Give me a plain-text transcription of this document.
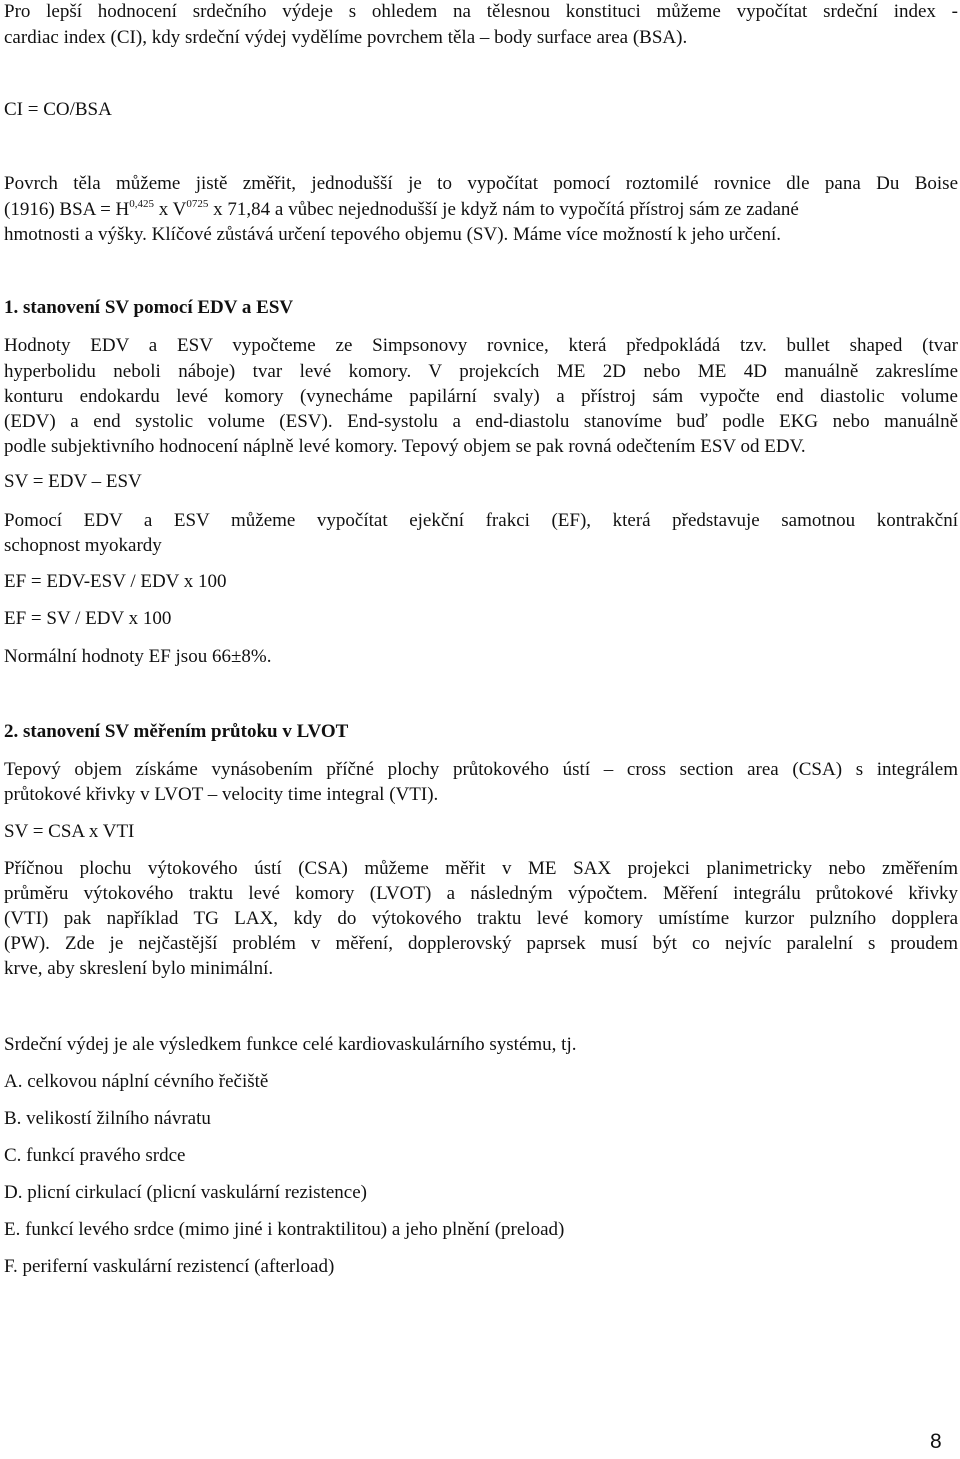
Pro lepší hodnocení srdečního výdeje s ohledem na tělesnou konstituci můžeme vypočítat srdeční index -
cardiac index (CI), kdy srdeční výdej vydělíme povrchem těla – body surface area (BSA).
CI = CO/BSA
Povrch těla můžeme jistě změřit, jednodušší je to vypočítat pomocí roztomilé rovnice dle pana Du Boise
(1916) BSA = H$^{0,425}$ x $V^{0725}$ x 71,84 a vůbec nejednodušší je když nám to vypočítá přístroj sám ze zadané
hmotnosti a výšky. Klíčové zůstává určení tepového objemu (SV). Máme více možností k jeho určení.
1. stanovení SV pomocí EDV a ESV
Hodnoty EDV a ESV vypočteme ze Simpsonovy rovnice, která předpokládá tzv. bullet shaped (tvar
hyperbolidu neboli náboje) tvar levé komory. V projekcích ME 2D nebo ME 4D manuálně zakreslíme
konturu endokardu levé komory (vynecháme papilární svaly) a přístroj sám vypočte end diastolic volume
(EDV) a end systolic volume (ESV). End-systolu a end-diastolu stanovíme buď podle EKG nebo manuálně
podle subjektivního hodnocení náplně levé komory. Tepový objem se pak rovná odečtením ESV od EDV.
SV = EDV – ESV
Pomocí EDV a ESV můžeme vypočítat ejekční frakci (EF), která představuje samotnou kontrakční
schopnost myokardy
EF = EDV-ESV / EDV x 100
EF = SV / EDV x 100
Normální hodnoty EF jsou 66±8%.
2. stanovení SV měřením průtoku v LVOT
Tepový objem získáme vynásobením příčné plochy průtokového ústí – cross section area (CSA) s integrálem
průtokové křivky v LVOT – velocity time integral (VTI).
SV = CSA x VTI
Příčnou plochu výtokového ústí (CSA) můžeme měřit v ME SAX projekci planimetricky nebo změřením
průměru výtokového traktu levé komory (LVOT) a následným výpočtem. Měření integrálu průtokové křivky
(VTI) pak například TG LAX, kdy do výtokového traktu levé komory umístíme kurzor pulzního dopplera
(PW). Zde je nejčastější problém v měření, dopplerovský paprsek musí být co nejvíc paralelní s proudem
krve, aby skreslení bylo minimální.
Srdeční výdej je ale výsledkem funkce celé kardiovaskulárního systému, tj.
A. celkovou náplní cévního řečiště
B. velikostí žilního návratu
C. funkcí pravého srdce
D. plicní cirkulací (plicní vaskulární rezistence)
E. funkcí levého srdce (mimo jiné i kontraktilitou) a jeho plnění (preload)
F. periferní vaskulární rezistencí (afterload)
8
